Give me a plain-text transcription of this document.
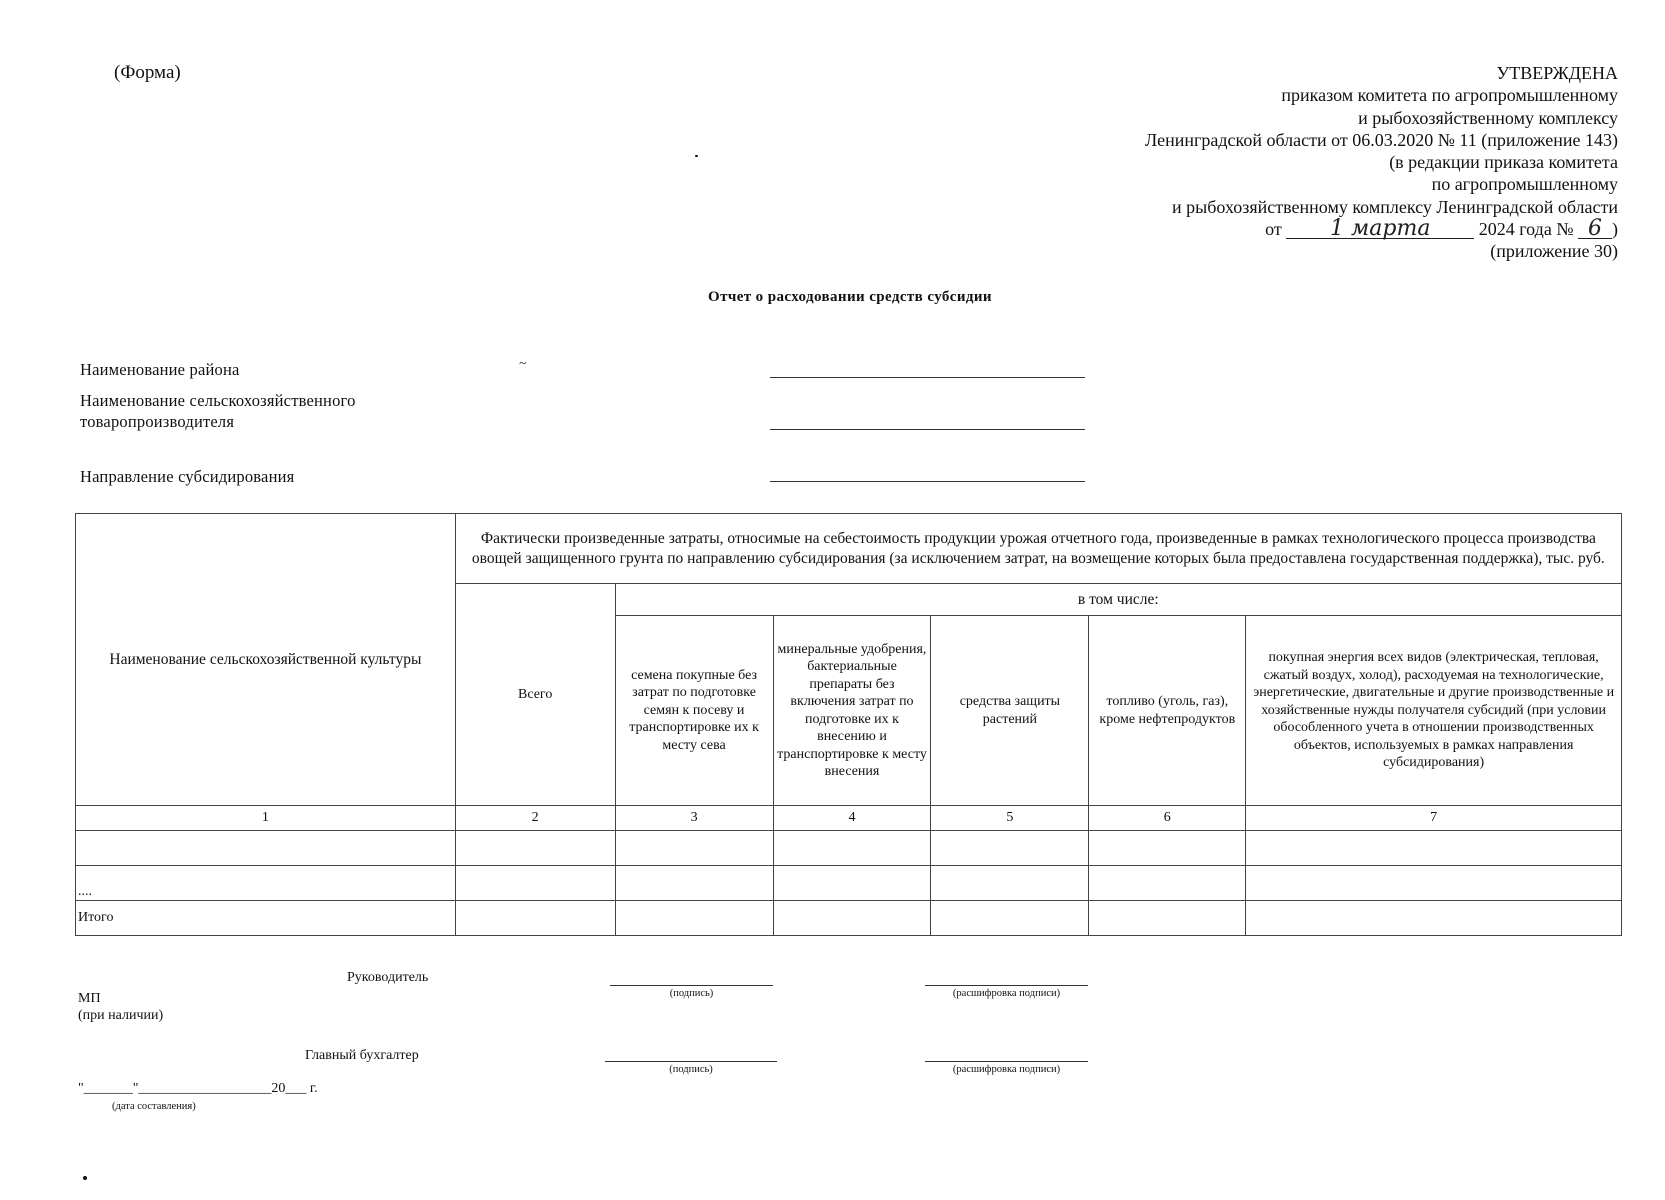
(Форма)	УТВЕРЖДЕНА
приказом комитета по агропромышленному
и рыбохозяйственному комплексу
Ленинградской области от 06.03.2020 № 11 (приложение 143)
(в редакции приказа комитета
по агропромышленному
и рыбохозяйственному комплексу Ленинградской области
от 1 марта	2024 года № 6 )
(приложение 30)
Отчет о расходовании средств субсидии
Наименование района
Наименование сельскохозяйственного товаропроизводителя
Направление субсидирования
Наименование сельскохозяйственной культуры	Фактически произведенные затраты, относимые на себестоимость продукции урожая отчетного года, произведенные в рамках технологического процесса производства овощей защищенного грунта по направлению субсидирования (за исключением затрат, на возмещение которых была предоставлена государственная поддержка), тыс. руб.					
	Всего	в том числе:				
		семена покупные без затрат по подготовке семян к посеву и транспортировке их к месту сева	минеральные удобрения, бактериальные препараты без включения затрат по подготовке их к внесению и транспортировке к месту внесения	средства защиты растений	топливо (уголь, газ), кроме нефтепродуктов	покупная энергия всех видов (электрическая, тепловая, сжатый воздух, холод), расходуемая на технологические, энергетические, двигательные и другие производственные и хозяйственные нужды получателя субсидий (при условии обособленного учета в отношении производственных объектов, используемых в рамках направления субсидирования)
1	2	3	4	5	6	7

....						
Итого						
Руководитель
(подпись)	(расшифровка подписи)
МП
(при наличии)
Главный бухгалтер
(подпись)	(расшифровка подписи)
"_______"___________________20___ г.
(дата составления)
~
